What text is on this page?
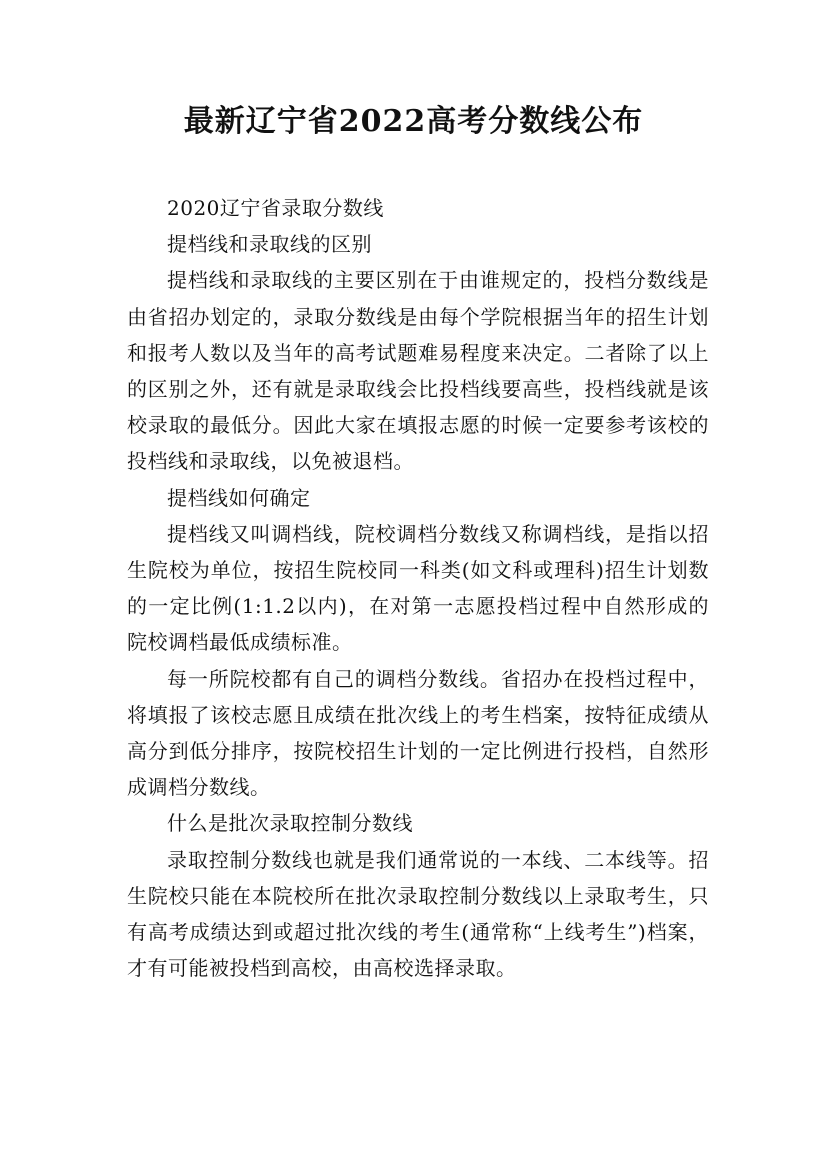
最新辽宁省2022高考分数线公布

2020辽宁省录取分数线

提档线和录取线的区别

提档线和录取线的主要区别在于由谁规定的，投档分数线是由省招办划定的，录取分数线是由每个学院根据当年的招生计划和报考人数以及当年的高考试题难易程度来决定。二者除了以上的区别之外，还有就是录取线会比投档线要高些，投档线就是该校录取的最低分。因此大家在填报志愿的时候一定要参考该校的投档线和录取线，以免被退档。

提档线如何确定

提档线又叫调档线，院校调档分数线又称调档线，是指以招生院校为单位，按招生院校同一科类(如文科或理科)招生计划数的一定比例(1:1.2以内)，在对第一志愿投档过程中自然形成的院校调档最低成绩标准。

每一所院校都有自己的调档分数线。省招办在投档过程中，将填报了该校志愿且成绩在批次线上的考生档案，按特征成绩从高分到低分排序，按院校招生计划的一定比例进行投档，自然形成调档分数线。

什么是批次录取控制分数线

录取控制分数线也就是我们通常说的一本线、二本线等。招生院校只能在本院校所在批次录取控制分数线以上录取考生，只有高考成绩达到或超过批次线的考生(通常称“上线考生”)档案，才有可能被投档到高校，由高校选择录取。
